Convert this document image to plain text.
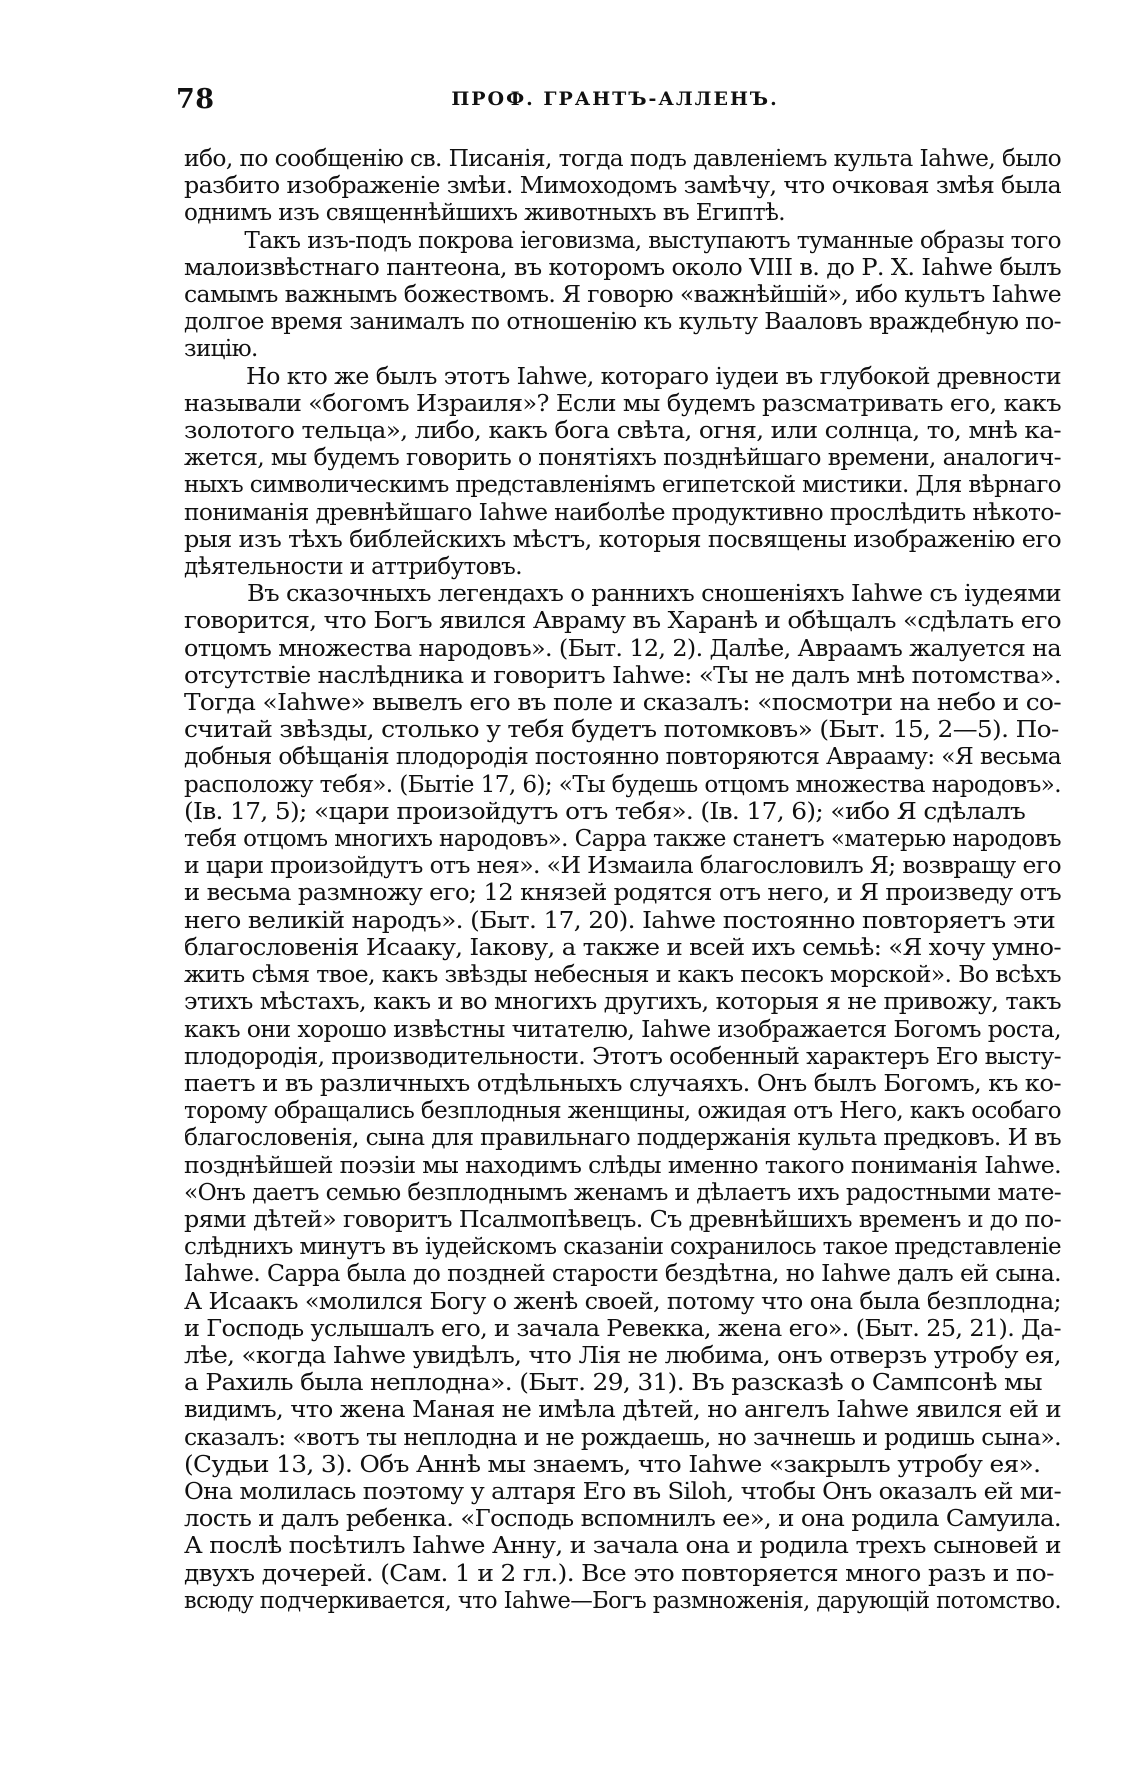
78	ПРОФ. ГРАНТЪ-АЛЛЕНЪ.
ибо, по сообщенію св. Писанія, тогда подъ давленіемъ культа Iahwe, было
разбито изображеніе змѣи. Мимоходомъ замѣчу, что очковая змѣя была
однимъ изъ священнѣйшихъ животныхъ въ Египтѣ.
Такъ изъ-подъ покрова іеговизма, выступаютъ туманные образы того
малоизвѣстнаго пантеона, въ которомъ около VIII в. до Р. Х. Iahwe былъ
самымъ важнымъ божествомъ. Я говорю «важнѣйшій», ибо культъ Iahwe
долгое время занималъ по отношенію къ культу Вааловъ враждебную по-
зицію.
Но кто же былъ этотъ Iahwe, котораго іудеи въ глубокой древности
называли «богомъ Израиля»? Если мы будемъ разсматривать его, какъ
золотого тельца», либо, какъ бога свѣта, огня, или солнца, то, мнѣ ка-
жется, мы будемъ говорить о понятіяхъ позднѣйшаго времени, аналогич-
ныхъ символическимъ представленіямъ египетской мистики. Для вѣрнаго
пониманія древнѣйшаго Iahwe наиболѣе продуктивно прослѣдить нѣкото-
рыя изъ тѣхъ библейскихъ мѣстъ, которыя посвящены изображенію его
дѣятельности и аттрибутовъ.
Въ сказочныхъ легендахъ о раннихъ сношеніяхъ Iahwe съ іудеями
говорится, что Богъ явился Авраму въ Харанѣ и обѣщалъ «сдѣлать его
отцомъ множества народовъ». (Быт. 12, 2). Далѣе, Авраамъ жалуется на
отсутствіе наслѣдника и говоритъ Iahwe: «Ты не далъ мнѣ потомства».
Тогда «Iahwe» вывелъ его въ поле и сказалъ: «посмотри на небо и со-
считай звѣзды, столько у тебя будетъ потомковъ» (Быт. 15, 2—5). По-
добныя обѣщанія плодородія постоянно повторяются Аврааму: «Я весьма
расположу тебя». (Бытіе 17, 6); «Ты будешь отцомъ множества народовъ».
(Iв. 17, 5); «цари произойдутъ отъ тебя». (Iв. 17, 6); «ибо Я сдѣлалъ
тебя отцомъ многихъ народовъ». Сарра также станетъ «матерью народовъ
и цари произойдутъ отъ нея». «И Измаила благословилъ Я; возвращу его
и весьма размножу его; 12 князей родятся отъ него, и Я произведу отъ
него великій народъ». (Быт. 17, 20). Iahwe постоянно повторяетъ эти
благословенія Исааку, Iакову, а также и всей ихъ семьѣ: «Я хочу умно-
жить сѣмя твое, какъ звѣзды небесныя и какъ песокъ морской». Во всѣхъ
этихъ мѣстахъ, какъ и во многихъ другихъ, которыя я не привожу, такъ
какъ они хорошо извѣстны читателю, Iahwe изображается Богомъ роста,
плодородія, производительности. Этотъ особенный характеръ Его высту-
паетъ и въ различныхъ отдѣльныхъ случаяхъ. Онъ былъ Богомъ, къ ко-
торому обращались безплодныя женщины, ожидая отъ Него, какъ особаго
благословенія, сына для правильнаго поддержанія культа предковъ. И въ
позднѣйшей поэзіи мы находимъ слѣды именно такого пониманія Iahwe.
«Онъ даетъ семью безплоднымъ женамъ и дѣлаетъ ихъ радостными мате-
рями дѣтей» говоритъ Псалмопѣвецъ. Съ древнѣйшихъ временъ и до по-
слѣднихъ минутъ въ іудейскомъ сказаніи сохранилось такое представленіе
Iahwe. Сарра была до поздней старости бездѣтна, но Iahwe далъ ей сына.
А Исаакъ «молился Богу о женѣ своей, потому что она была безплодна;
и Господь услышалъ его, и зачала Ревекка, жена его». (Быт. 25, 21). Да-
лѣе, «когда Iahwe увидѣлъ, что Лія не любима, онъ отверзъ утробу ея,
а Рахиль была неплодна». (Быт. 29, 31). Въ разсказѣ о Сампсонѣ мы
видимъ, что жена Маная не имѣла дѣтей, но ангелъ Iahwe явился ей и
сказалъ: «вотъ ты неплодна и не рождаешь, но зачнешь и родишь сына».
(Судьи 13, 3). Объ Аннѣ мы знаемъ, что Iahwe «закрылъ утробу ея».
Она молилась поэтому у алтаря Его въ Siloh, чтобы Онъ оказалъ ей ми-
лость и далъ ребенка. «Господь вспомнилъ ее», и она родила Самуила.
А послѣ посѣтилъ Iahwe Анну, и зачала она и родила трехъ сыновей и
двухъ дочерей. (Сам. 1 и 2 гл.). Все это повторяется много разъ и по-
всюду подчеркивается, что Iahwe—Богъ размноженія, дарующій потомство.
